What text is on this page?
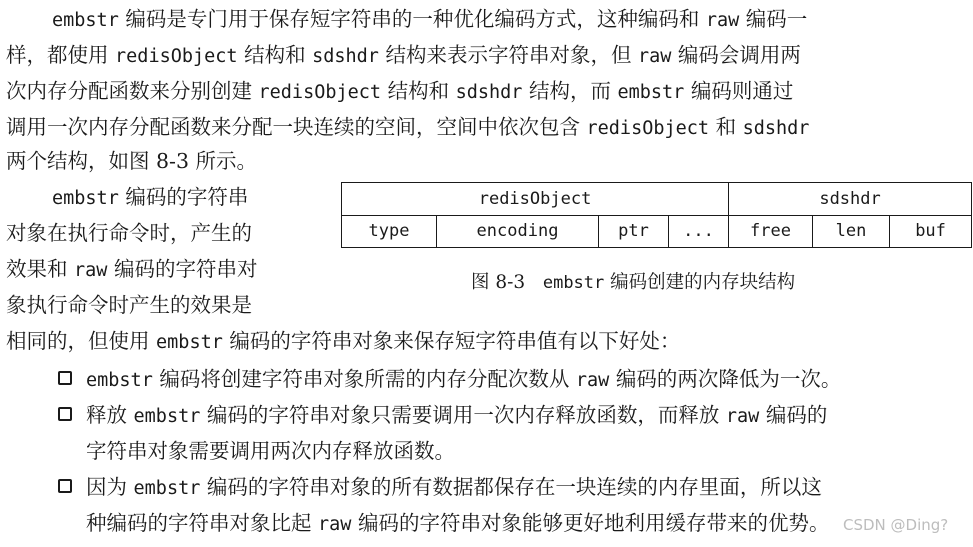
embstr 编码是专门用于保存短字符串的一种优化编码方式，这种编码和 raw 编码一
样，都使用 redisObject 结构和 sdshdr 结构来表示字符串对象，但 raw 编码会调用两
次内存分配函数来分别创建 redisObject 结构和 sdshdr 结构，而 embstr 编码则通过
调用一次内存分配函数来分配一块连续的空间，空间中依次包含 redisObject 和 sdshdr
两个结构，如图 8-3 所示。
embstr 编码的字符串
对象在执行命令时，产生的
效果和 raw 编码的字符串对
象执行命令时产生的效果是
相同的，但使用 embstr 编码的字符串对象来保存短字符串值有以下好处：
redisObject				sdshdr		
type	encoding	ptr	...	free	len	buf
图 8-3 embstr 编码创建的内存块结构
embstr 编码将创建字符串对象所需的内存分配次数从 raw 编码的两次降低为一次。
释放 embstr 编码的字符串对象只需要调用一次内存释放函数，而释放 raw 编码的
字符串对象需要调用两次内存释放函数。
因为 embstr 编码的字符串对象的所有数据都保存在一块连续的内存里面，所以这
种编码的字符串对象比起 raw 编码的字符串对象能够更好地利用缓存带来的优势。 CSDN @Ding?
